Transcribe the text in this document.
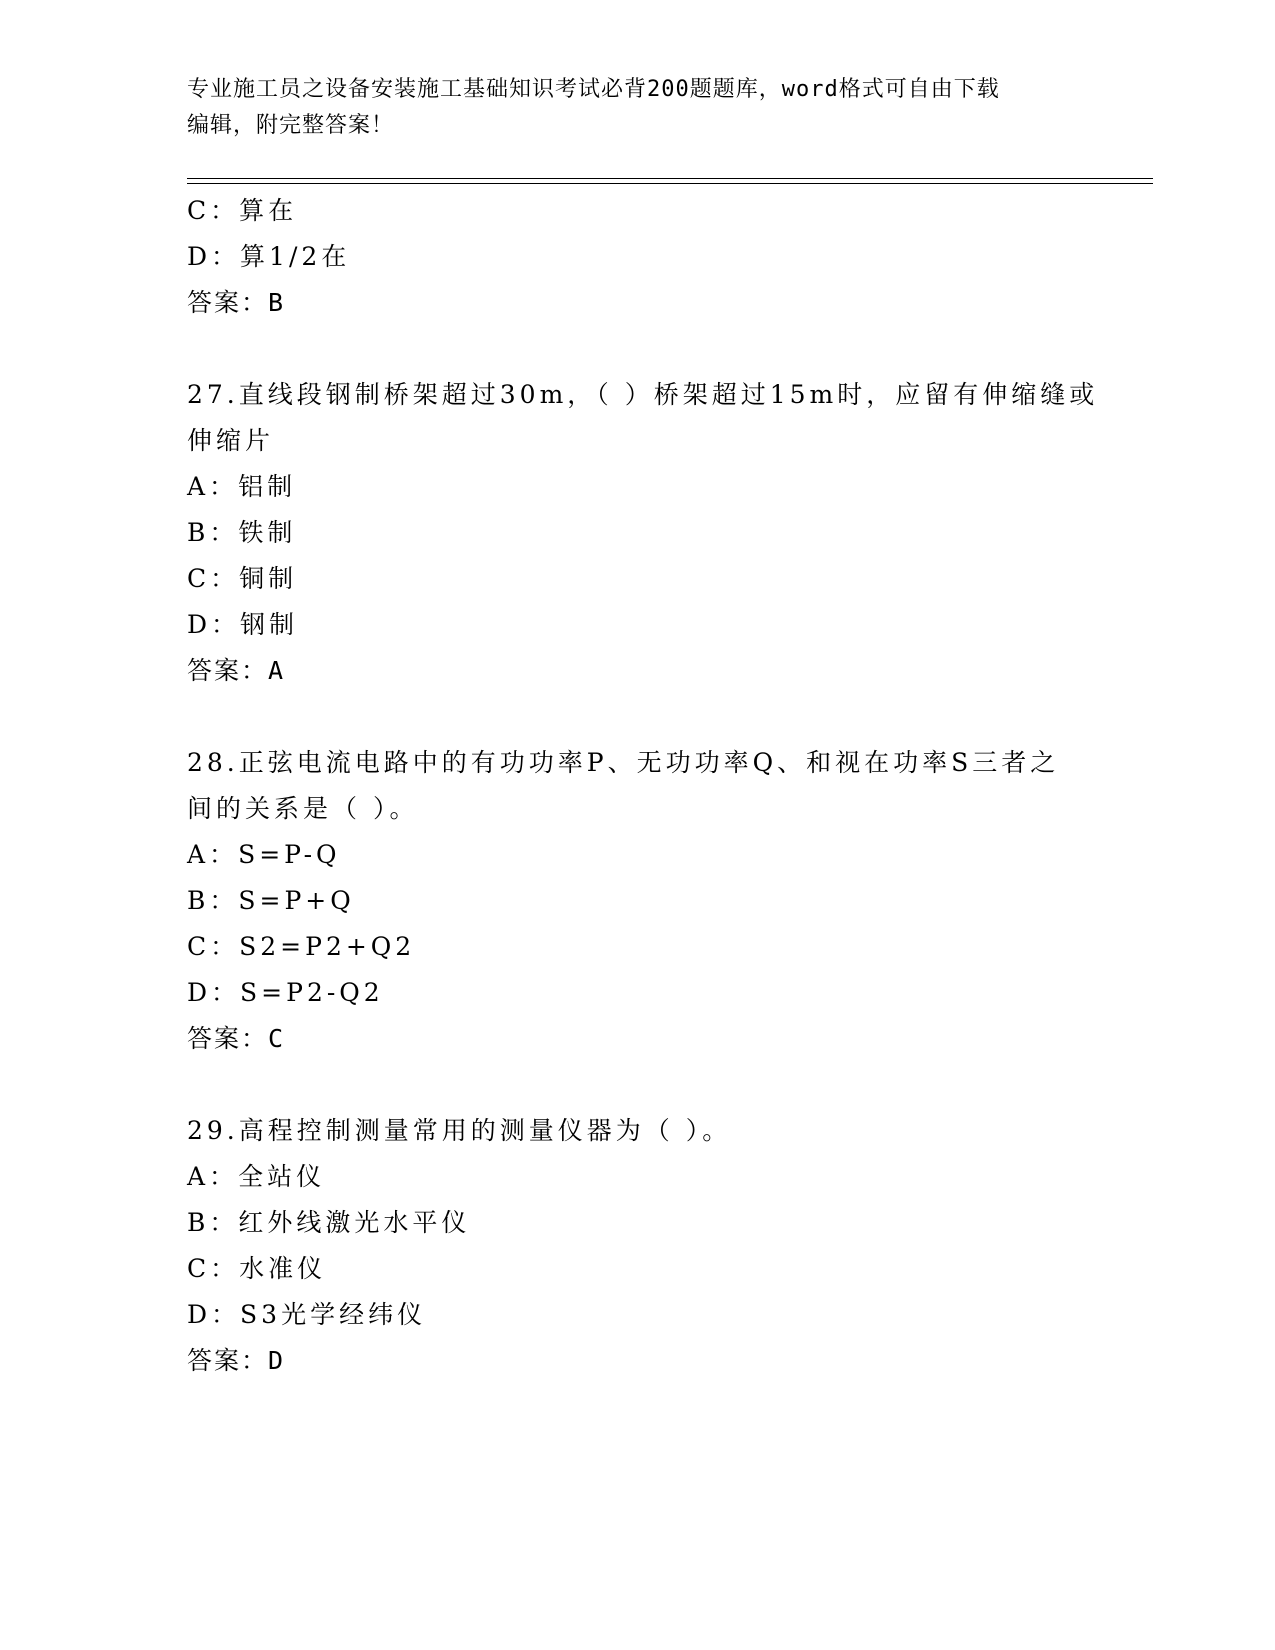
专业施工员之设备安装施工基础知识考试必背200题题库，word格式可自由下载
编辑，附完整答案！
C：算在
D：算1/2在
答案：B
27.直线段钢制桥架超过30m，（ ）桥架超过15m时，应留有伸缩缝或
伸缩片
A：铝制
B：铁制
C：铜制
D：钢制
答案：A
28.正弦电流电路中的有功功率P、无功功率Q、和视在功率S三者之
间的关系是（ ）。
A：S=P-Q
B：S=P+Q
C：S2=P2+Q2
D：S=P2-Q2
答案：C
29.高程控制测量常用的测量仪器为（ ）。
A：全站仪
B：红外线激光水平仪
C：水准仪
D：S3光学经纬仪
答案：D
